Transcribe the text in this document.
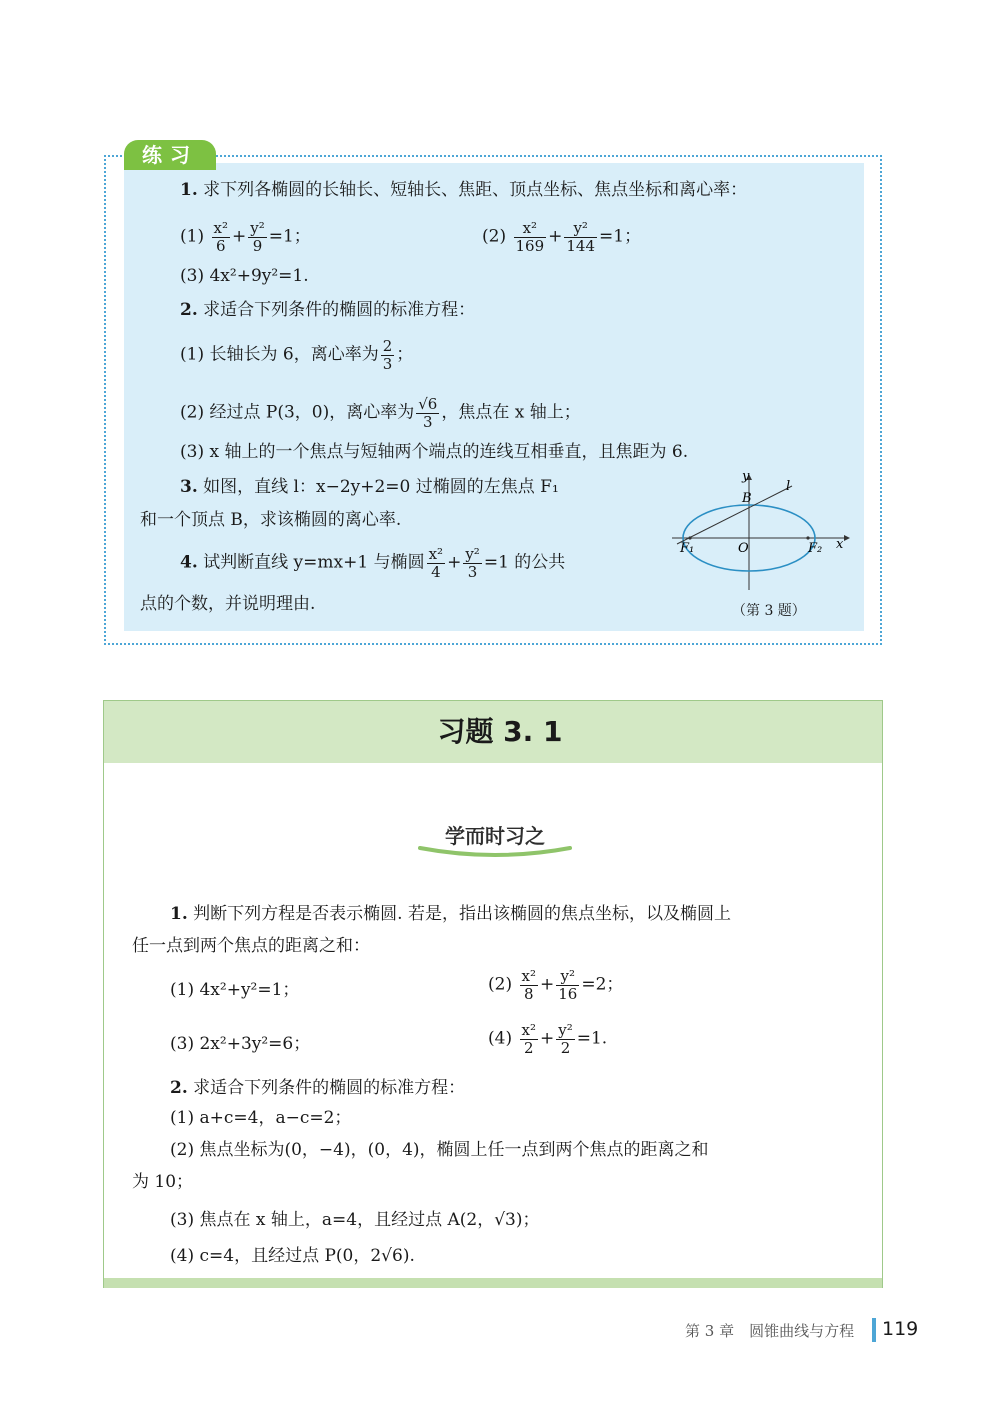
练习
1. 求下列各椭圆的长轴长、短轴长、焦距、顶点坐标、焦点坐标和离心率：
$(1) \frac{\text{x²}}{6} + \frac{\text{y²}}{9} =1$；	$(2) \frac{\text{x²}}{169} + \frac{\text{y²}}{144} =1$；
(3) 4x²+9y²=1.
2. 求适合下列条件的椭圆的标准方程：
(1) 长轴长为 6，离心率为 $\frac{2}{3}$ ；
(2) 经过点 P(3，0)，离心率为 $\frac{√6}{3}$ ，焦点在 x 轴上；
(3) x 轴上的一个焦点与短轴两个端点的连线互相垂直，且焦距为 6.
3. 如图，直线 l：x−2y+2=0 过椭圆的左焦点 F₁
和一个顶点 B，求该椭圆的离心率.
4. 试判断直线 y=mx+1 与椭圆 $\frac{\text{x²}}{4} + \frac{\text{y²}}{3} =1$ 的公共
点的个数，并说明理由.
y
l
B
F₁	O	F₂ x
（第 3 题）
习题 3. 1
学而时习之
1. 判断下列方程是否表示椭圆. 若是，指出该椭圆的焦点坐标，以及椭圆上
任一点到两个焦点的距离之和：
(1) 4x²+y²=1；	$(2) \frac{\text{x²}}{8} + \frac{\text{y²}}{16} =2$；
(3) 2x²+3y²=6；	$(4) \frac{\text{x²}}{2} + \frac{\text{y²}}{2} =1$.
2. 求适合下列条件的椭圆的标准方程：
(1) a+c=4，a−c=2；
(2) 焦点坐标为(0，−4)，(0，4)，椭圆上任一点到两个焦点的距离之和
为 10；
(3) 焦点在 x 轴上，a=4，且经过点 A(2，√3)；
(4) c=4，且经过点 P(0，2√6).
第 3 章　圆锥曲线与方程 119
